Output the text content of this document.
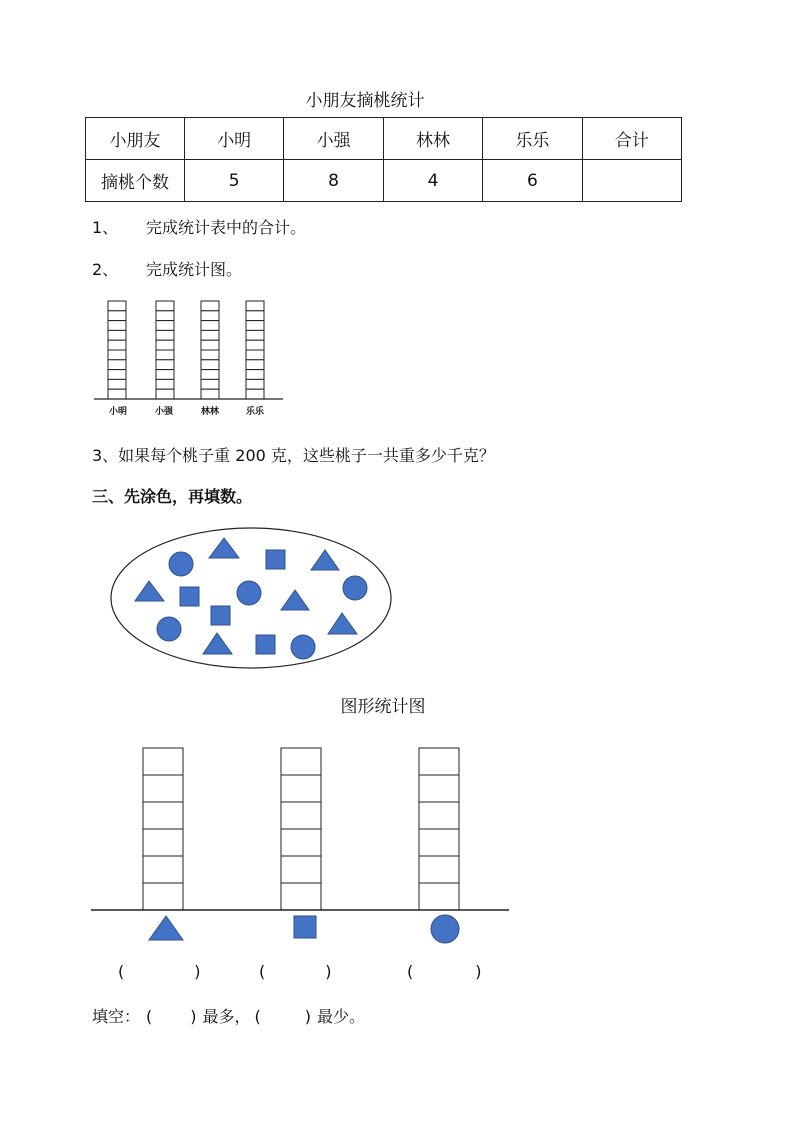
小朋友摘桃统计
小朋友	小明	小强	林林	乐乐	合计
摘桃个数	5	8	4	6	
1、 完成统计表中的合计。
2、 完成统计图。
小明	小强	林林	乐乐
3、如果每个桃子重 200 克，这些桃子一共重多少千克？
三、先涂色，再填数。
图形统计图
(	)	(	)	(	)
填空： ( ) 最多， (	) 最少。
